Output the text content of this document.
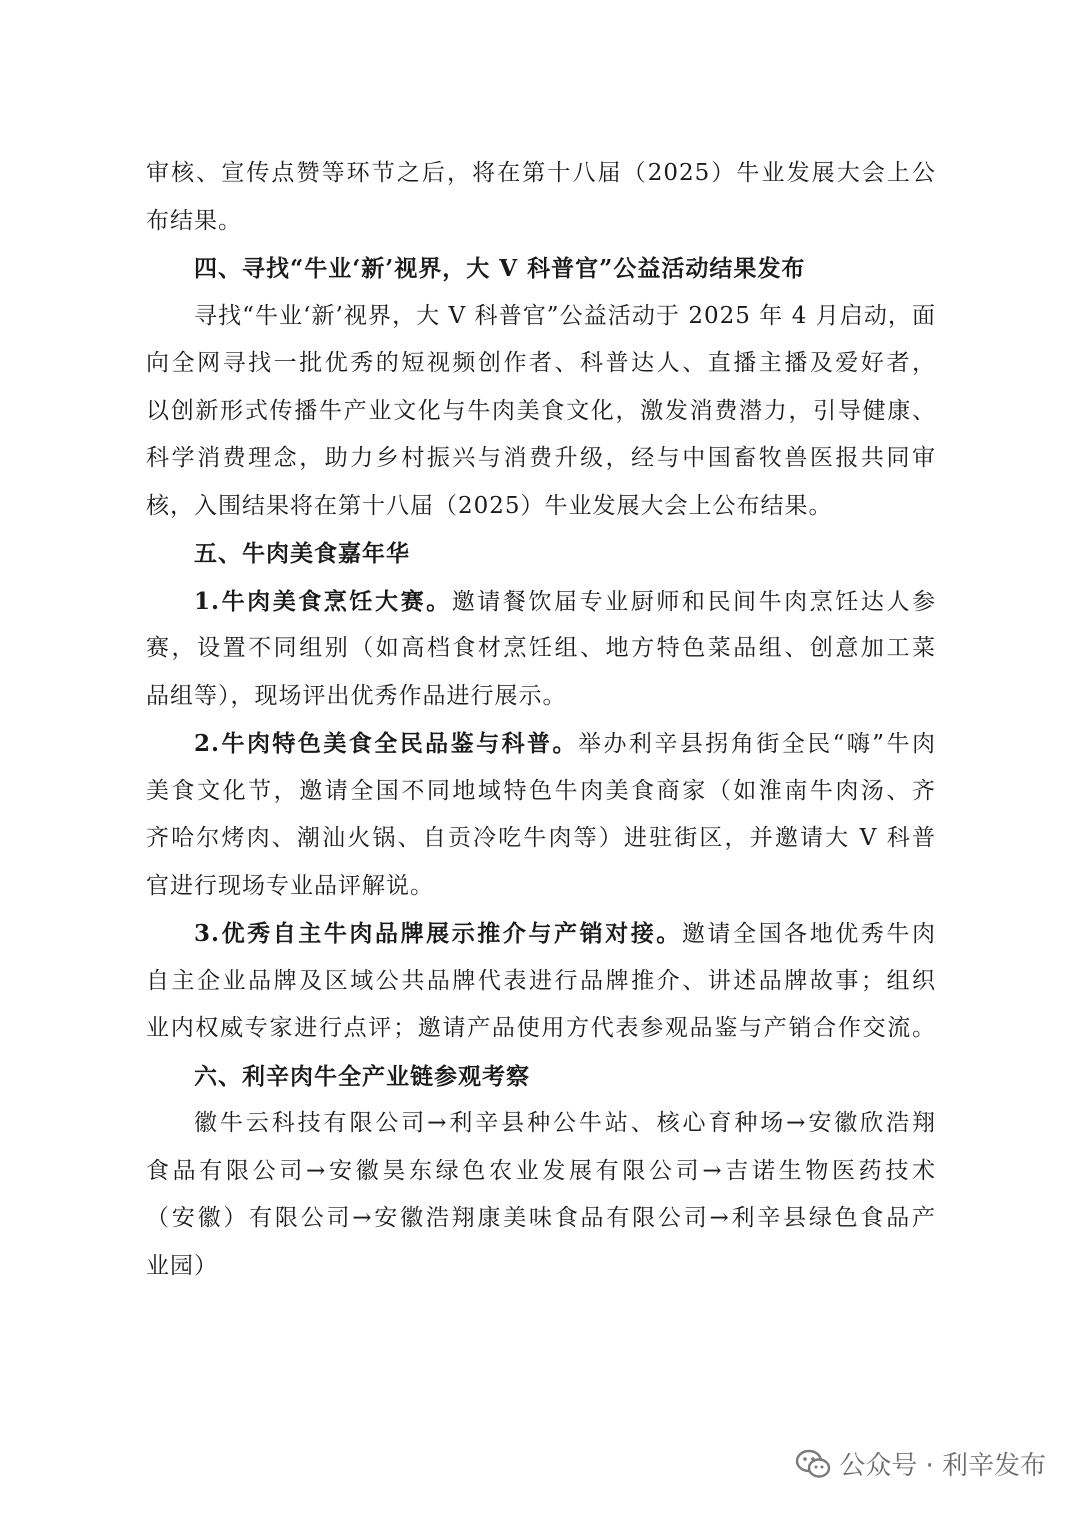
审核、宣传点赞等环节之后，将在第十八届（2025）牛业发展大会上公
布结果。
四、寻找“牛业‘新’视界，大 V 科普官”公益活动结果发布
寻找“牛业‘新’视界，大 V 科普官”公益活动于 2025 年 4 月启动，面
向全网寻找一批优秀的短视频创作者、科普达人、直播主播及爱好者，
以创新形式传播牛产业文化与牛肉美食文化，激发消费潜力，引导健康、
科学消费理念，助力乡村振兴与消费升级，经与中国畜牧兽医报共同审
核，入围结果将在第十八届（2025）牛业发展大会上公布结果。
五、牛肉美食嘉年华
1.牛肉美食烹饪大赛。邀请餐饮届专业厨师和民间牛肉烹饪达人参
赛，设置不同组别（如高档食材烹饪组、地方特色菜品组、创意加工菜
品组等），现场评出优秀作品进行展示。
2.牛肉特色美食全民品鉴与科普。举办利辛县拐角街全民“嗨”牛肉
美食文化节，邀请全国不同地域特色牛肉美食商家（如淮南牛肉汤、齐
齐哈尔烤肉、潮汕火锅、自贡冷吃牛肉等）进驻街区，并邀请大 V 科普
官进行现场专业品评解说。
3.优秀自主牛肉品牌展示推介与产销对接。邀请全国各地优秀牛肉
自主企业品牌及区域公共品牌代表进行品牌推介、讲述品牌故事；组织
业内权威专家进行点评；邀请产品使用方代表参观品鉴与产销合作交流。
六、利辛肉牛全产业链参观考察
徽牛云科技有限公司→利辛县种公牛站、核心育种场→安徽欣浩翔
食品有限公司→安徽昊东绿色农业发展有限公司→吉诺生物医药技术
（安徽）有限公司→安徽浩翔康美味食品有限公司→利辛县绿色食品产
业园）
公众号 · 利辛发布
